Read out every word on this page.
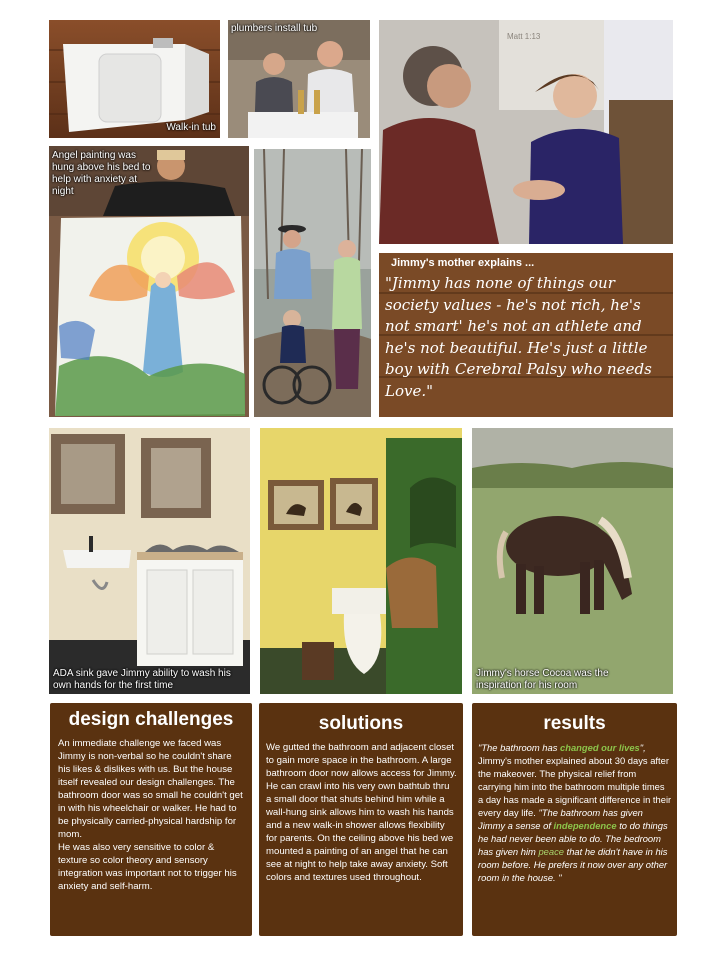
Walk-in tub
plumbers install tub
Matt 1:13
Angel painting was hung above his bed to help with anxiety at night
Jimmy's mother explains ...
"Jimmy has none of things our society values - he's not rich, he's not smart' he's not an athlete and he's not beautiful. He's just a little boy with Cerebral Palsy who needs Love."
ADA sink gave Jimmy ability to wash his own hands for the first time
Jimmy's horse Cocoa was the inspiration for his room
design challenges

An immediate challenge we faced was Jimmy is non-verbal so he couldn't share his likes & dislikes with us. But the house itself revealed our design challenges. The bathroom door was so small he couldn't get in with his wheelchair or walker. He had to be physically carried-physical hardship for mom.

He was also very sensitive to color & texture so color theory and sensory integration was important not to trigger his anxiety and self-harm.

solutions

We gutted the bathroom and adjacent closet to gain more space in the bathroom. A large bathroom door now allows access for Jimmy. He can crawl into his very own bathtub thru a small door that shuts behind him while a wall-hung sink allows him to wash his hands and a new walk-in shower allows flexibility for parents. On the ceiling above his bed we mounted a painting of an angel that he can see at night to help take away anxiety. Soft colors and textures used throughout.

results

"The bathroom has changed our lives", Jimmy's mother explained about 30 days after the makeover. The physical relief from carrying him into the bathroom multiple times a day has made a significant difference in their every day life. "The bathroom has given Jimmy a sense of independence to do things he had never been able to do. The bedroom has given him peace that he didn't have in his room before. He prefers it now over any other room in the house. "
